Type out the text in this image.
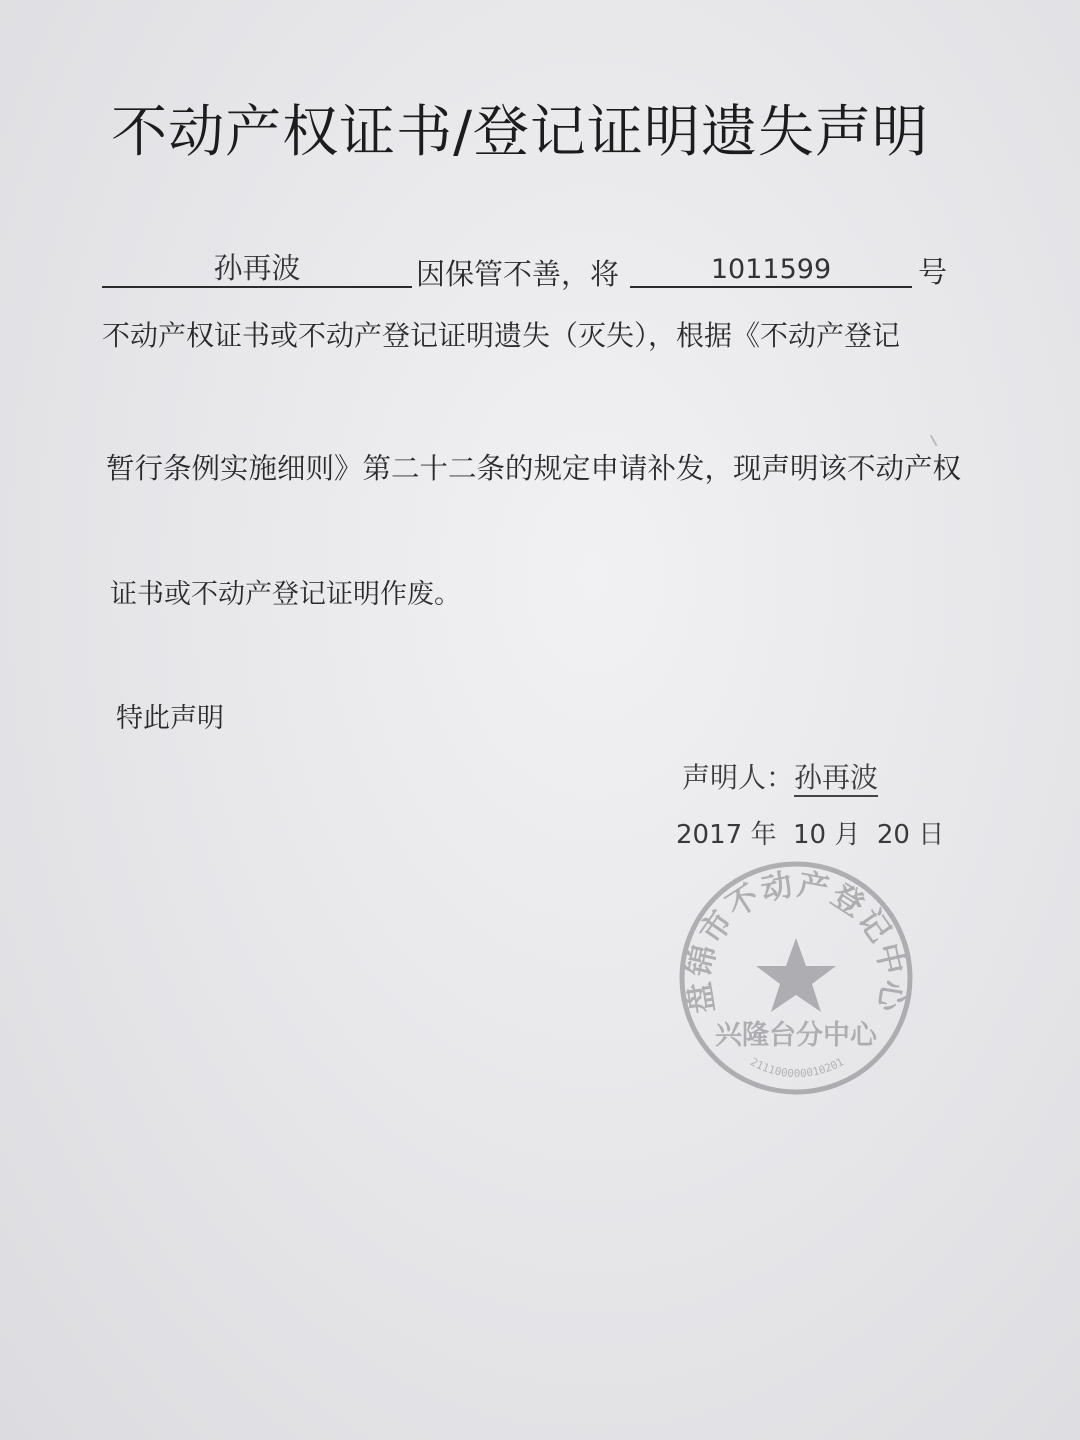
不动产权证书/登记证明遗失声明
孙再波	因保管不善，将	1011599	号
不动产权证书或不动产登记证明遗失（灭失），根据《不动产登记
暂行条例实施细则》第二十二条的规定申请补发，现声明该不动产权
证书或不动产登记证明作废。
特此声明
声明人：孙再波
2017 年 10 月 20 日
盘锦市不动产登记中心
兴隆台分中心
211100000010201
